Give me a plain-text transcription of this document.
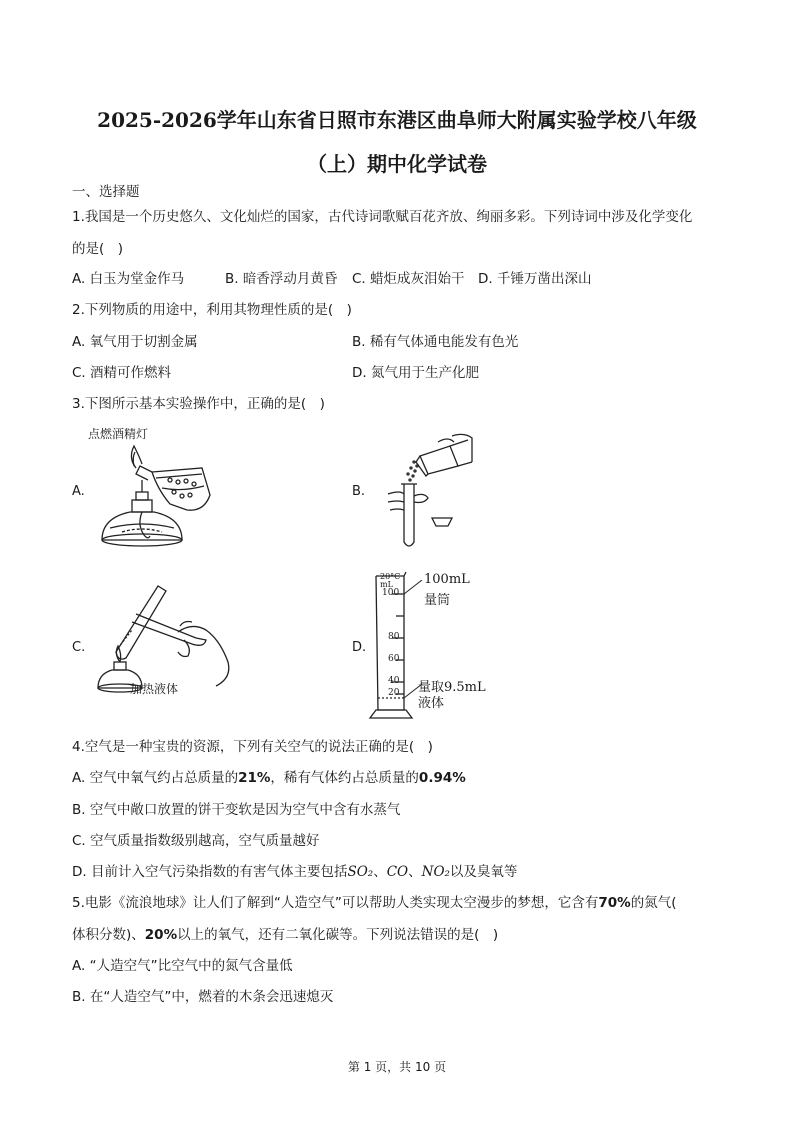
2025-2026学年山东省日照市东港区曲阜师大附属实验学校八年级
（上）期中化学试卷
一、选择题
1.我国是一个历史悠久、文化灿烂的国家，古代诗词歌赋百花齐放、绚丽多彩。下列诗词中涉及化学变化
的是(　)
A. 白玉为堂金作马	B. 暗香浮动月黄昏 C. 蜡炬成灰泪始干 D. 千锤万凿出深山
2.下列物质的用途中，利用其物理性质的是(　)
A. 氧气用于切割金属	B. 稀有气体通电能发有色光
C. 酒精可作燃料	D. 氮气用于生产化肥
3.下图所示基本实验操作中，正确的是(　)
A.
点燃酒精灯
B.
C.
加热液体
D.
20°C
mL
100
80
60
40
20
100mL
量筒
量取9.5mL
液体
4.空气是一种宝贵的资源，下列有关空气的说法正确的是(　)
A. 空气中氧气约占总质量的21%，稀有气体约占总质量的0.94%
B. 空气中敞口放置的饼干变软是因为空气中含有水蒸气
C. 空气质量指数级别越高，空气质量越好
D. 目前计入空气污染指数的有害气体主要包括SO₂、CO、NO₂以及臭氧等
5.电影《流浪地球》让人们了解到“人造空气”可以帮助人类实现太空漫步的梦想，它含有70%的氮气(
体积分数)、20%以上的氧气，还有二氧化碳等。下列说法错误的是(　)
A. “人造空气”比空气中的氮气含量低
B. 在“人造空气”中，燃着的木条会迅速熄灭
第 1 页，共 10 页
